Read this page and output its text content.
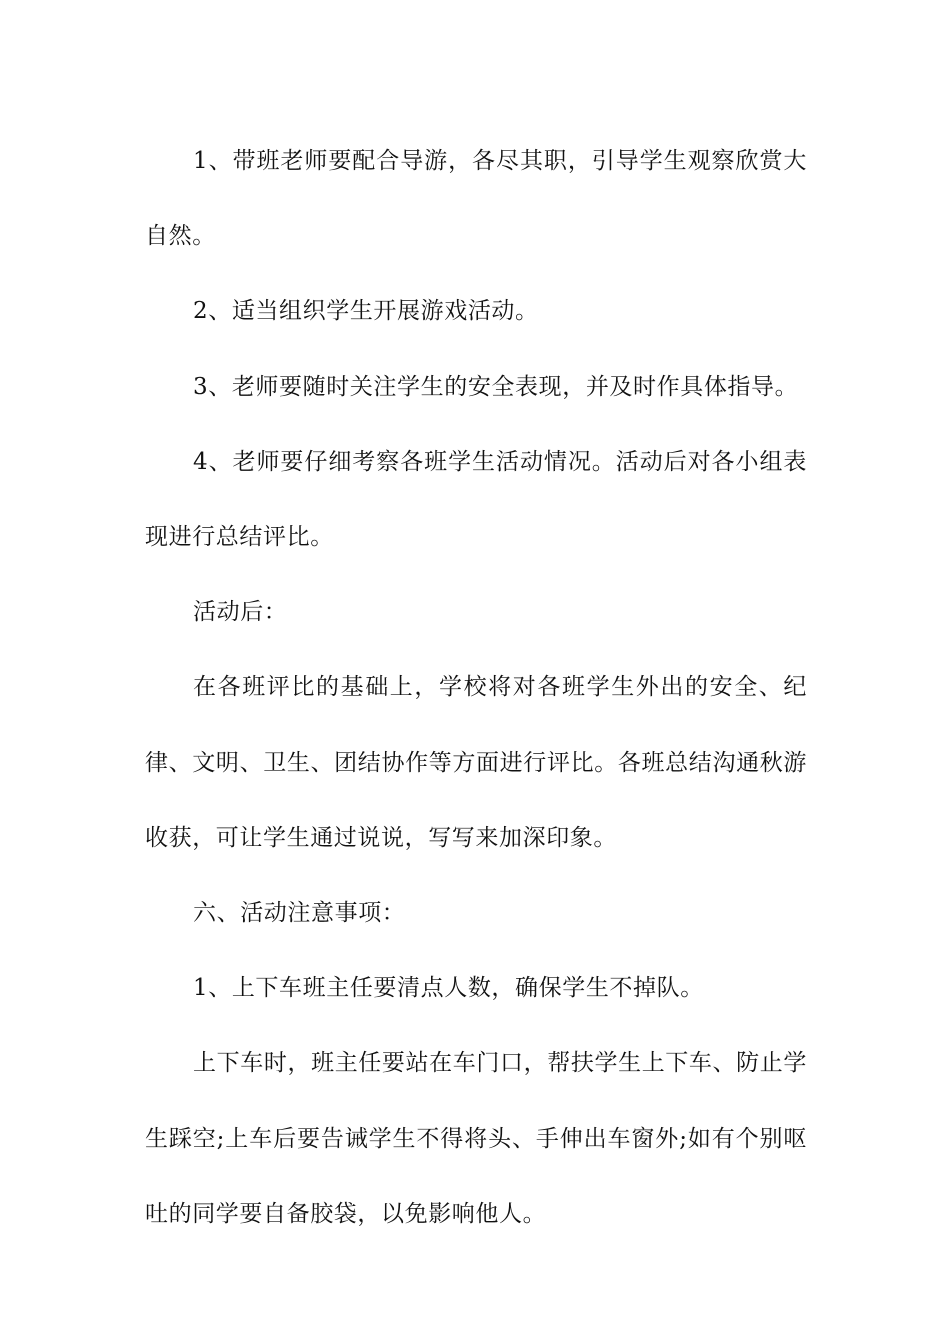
1、带班老师要配合导游，各尽其职，引导学生观察欣赏大自然。

2、适当组织学生开展游戏活动。

3、老师要随时关注学生的安全表现，并及时作具体指导。

4、老师要仔细考察各班学生活动情况。活动后对各小组表现进行总结评比。

活动后：

在各班评比的基础上，学校将对各班学生外出的安全、纪律、文明、卫生、团结协作等方面进行评比。各班总结沟通秋游收获，可让学生通过说说，写写来加深印象。

六、活动注意事项：

1、上下车班主任要清点人数，确保学生不掉队。

上下车时，班主任要站在车门口，帮扶学生上下车、防止学生踩空;上车后要告诫学生不得将头、手伸出车窗外;如有个别呕吐的同学要自备胶袋，以免影响他人。
